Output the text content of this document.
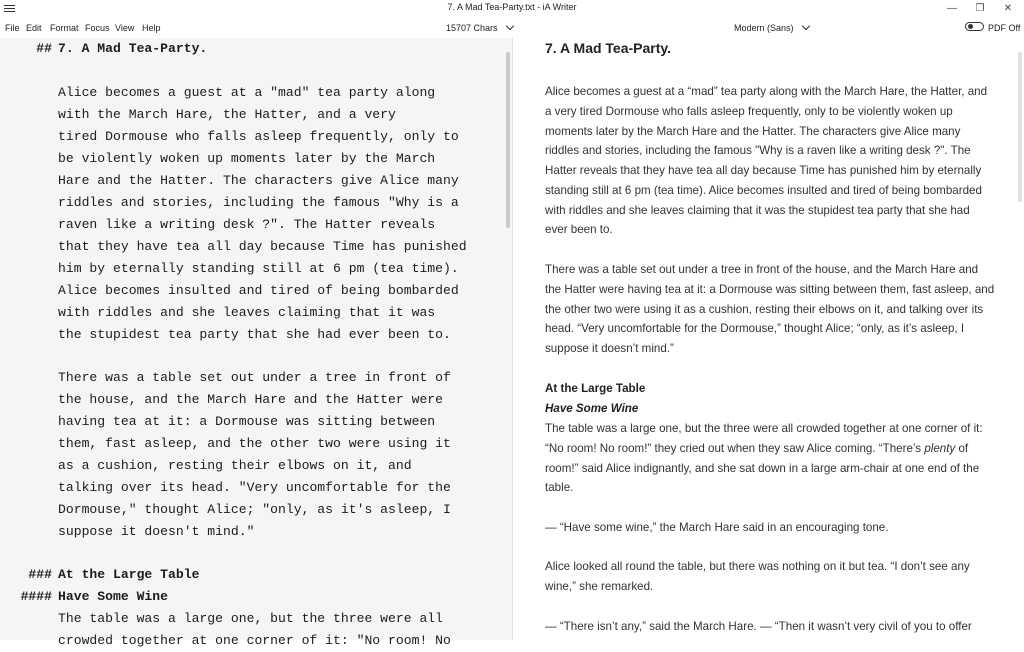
7. A Mad Tea-Party.txt - iA Writer	—	❐	✕
File Edit Format Focus View Help	15707 Chars	Modern (Sans)	PDF Off
## 7. A Mad Tea-Party.
Alice becomes a guest at a "mad" tea party along
with the March Hare, the Hatter, and a very
tired Dormouse who falls asleep frequently, only to
be violently woken up moments later by the March
Hare and the Hatter. The characters give Alice many
riddles and stories, including the famous "Why is a
raven like a writing desk ?". The Hatter reveals
that they have tea all day because Time has punished
him by eternally standing still at 6 pm (tea time).
Alice becomes insulted and tired of being bombarded
with riddles and she leaves claiming that it was
the stupidest tea party that she had ever been to.
There was a table set out under a tree in front of
the house, and the March Hare and the Hatter were
having tea at it: a Dormouse was sitting between
them, fast asleep, and the other two were using it
as a cushion, resting their elbows on it, and
talking over its head. "Very uncomfortable for the
Dormouse," thought Alice; "only, as it's asleep, I
suppose it doesn't mind."
### At the Large Table
#### Have Some Wine
The table was a large one, but the three were all
crowded together at one corner of it: "No room! No
7. A Mad Tea-Party.
Alice becomes a guest at a “mad” tea party along with the March Hare, the Hatter, and a very tired Dormouse who falls asleep frequently, only to be violently woken up moments later by the March Hare and the Hatter. The characters give Alice many riddles and stories, including the famous "Why is a raven like a writing desk ?". The Hatter reveals that they have tea all day because Time has punished him by eternally standing still at 6 pm (tea time). Alice becomes insulted and tired of being bombarded with riddles and she leaves claiming that it was the stupidest tea party that she had ever been to.
There was a table set out under a tree in front of the house, and the March Hare and the Hatter were having tea at it: a Dormouse was sitting between them, fast asleep, and the other two were using it as a cushion, resting their elbows on it, and talking over its head. “Very uncomfortable for the Dormouse,” thought Alice; “only, as it’s asleep, I suppose it doesn’t mind.”
At the Large Table
Have Some Wine
The table was a large one, but the three were all crowded together at one corner of it: “No room! No room!” they cried out when they saw Alice coming. “There’s plenty of room!” said Alice indignantly, and she sat down in a large arm-chair at one end of the table.
— “Have some wine,” the March Hare said in an encouraging tone.
Alice looked all round the table, but there was nothing on it but tea. “I don’t see any wine,” she remarked.
— “There isn’t any,” said the March Hare. — “Then it wasn’t very civil of you to offer
